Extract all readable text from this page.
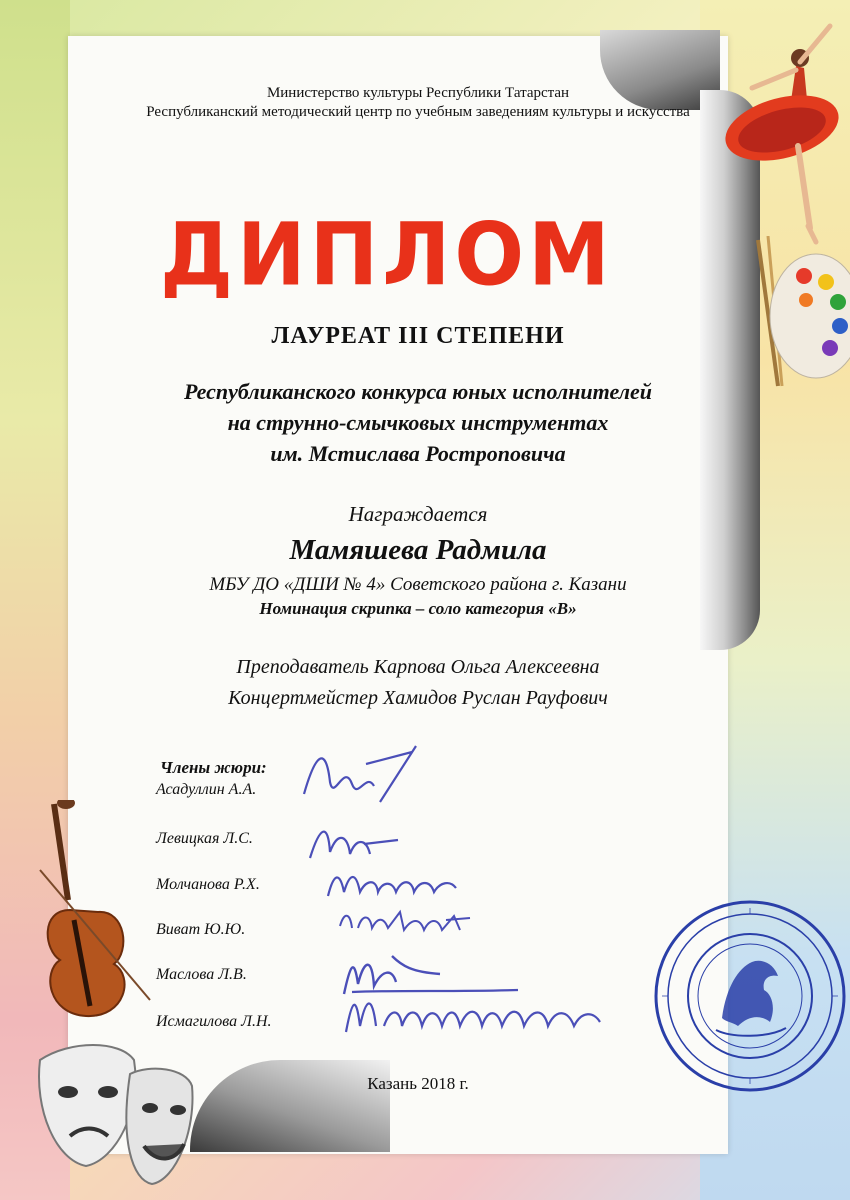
Министерство культуры Республики Татарстан
Республиканский методический центр по учебным заведениям культуры и искусства
ДИПЛОМ
ЛАУРЕАТ III СТЕПЕНИ
Республиканского конкурса юных исполнителей
на струнно-смычковых инструментах
им. Мстислава Ростроповича
Награждается
Мамяшева Радмила
МБУ ДО «ДШИ № 4» Советского района г. Казани
Номинация скрипка – соло категория «В»
Преподаватель Карпова Ольга Алексеевна
Концертмейстер Хамидов Руслан Рауфович
Члены жюри:
Асадуллин А.А.
Левицкая Л.С.
Молчанова Р.Х.
Виват Ю.Ю.
Маслова Л.В.
Исмагилова Л.Н.
Казань 2018 г.
